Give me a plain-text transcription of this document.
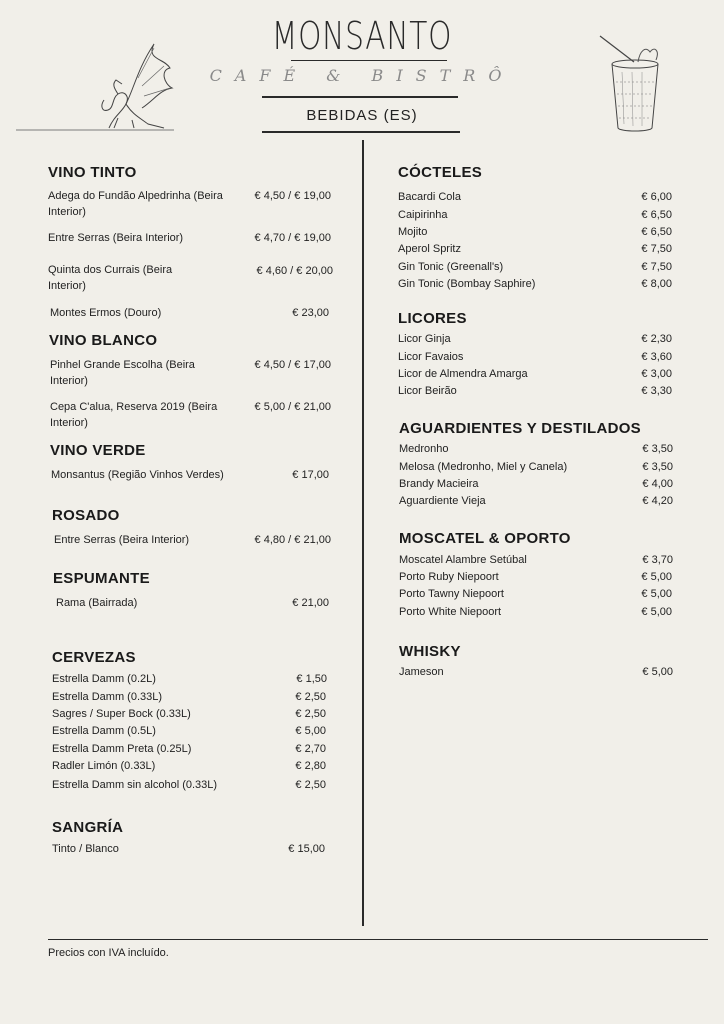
MONSANTO
CAFÉ & BISTRÔ
BEBIDAS (ES)
VINO TINTO
Adega do Fundão Alpedrinha (Beira Interior)
€ 4,50 / € 19,00
Entre Serras (Beira Interior)	€ 4,70 / € 19,00
Quinta dos Currais (Beira Interior)
€ 4,60 / € 20,00
Montes Ermos (Douro)	€ 23,00
VINO BLANCO
Pinhel Grande Escolha (Beira Interior)
€ 4,50 / € 17,00
Cepa C'alua, Reserva 2019 (Beira Interior)
€ 5,00 / € 21,00
VINO VERDE
Monsantus (Região Vinhos Verdes)	€ 17,00
ROSADO
Entre Serras (Beira Interior)	€ 4,80 / € 21,00
ESPUMANTE
Rama (Bairrada)	€ 21,00
CERVEZAS
Estrella Damm (0.2L)	€ 1,50
Estrella Damm (0.33L)	€ 2,50
Sagres / Super Bock (0.33L)	€ 2,50
Estrella Damm (0.5L)	€ 5,00
Estrella Damm Preta (0.25L)	€ 2,70
Radler Limón (0.33L)	€ 2,80
Estrella Damm sin alcohol (0.33L)	€ 2,50
SANGRÍA
Tinto / Blanco	€ 15,00
CÓCTELES
Bacardi Cola	€ 6,00
Caipirinha	€ 6,50
Mojito	€ 6,50
Aperol Spritz	€ 7,50
Gin Tonic (Greenall's)	€ 7,50
Gin Tonic (Bombay Saphire)	€ 8,00
LICORES
Licor Ginja	€ 2,30
Licor Favaios	€ 3,60
Licor de Almendra Amarga	€ 3,00
Licor Beirão	€ 3,30
AGUARDIENTES Y DESTILADOS
Medronho	€ 3,50
Melosa (Medronho, Miel y Canela)	€ 3,50
Brandy Macieira	€ 4,00
Aguardiente Vieja	€ 4,20
MOSCATEL & OPORTO
Moscatel Alambre Setúbal	€ 3,70
Porto Ruby Niepoort	€ 5,00
Porto Tawny Niepoort	€ 5,00
Porto White Niepoort	€ 5,00
WHISKY
Jameson	€ 5,00
Precios con IVA incluído.
